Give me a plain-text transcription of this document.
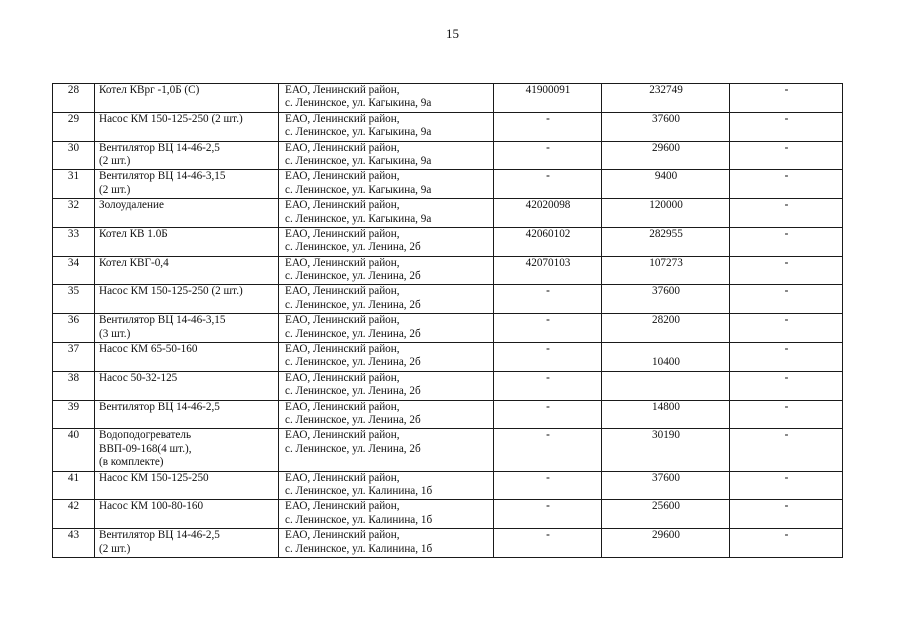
15
28	Котел КВрг -1,0Б (С)	ЕАО, Ленинский район,
с. Ленинское, ул. Кагыкина, 9а	41900091	232749	-

29	Насос КМ 150-125-250 (2 шт.)	ЕАО, Ленинский район,
с. Ленинское, ул. Кагыкина, 9а	-	37600	-

30	Вентилятор ВЦ 14-46-2,5
(2 шт.)	ЕАО, Ленинский район,
с. Ленинское, ул. Кагыкина, 9а	-	29600	-

31	Вентилятор ВЦ 14-46-3,15
(2 шт.)	ЕАО, Ленинский район,
с. Ленинское, ул. Кагыкина, 9а	-	9400	-

32	Золоудаление	ЕАО, Ленинский район,
с. Ленинское, ул. Кагыкина, 9а	42020098	120000	-

33	Котел КВ 1.0Б	ЕАО, Ленинский район,
с. Ленинское, ул. Ленина, 2б	42060102	282955	-

34	Котел КВГ-0,4	ЕАО, Ленинский район,
с. Ленинское, ул. Ленина, 2б	42070103	107273	-

35	Насос КМ 150-125-250 (2 шт.)	ЕАО, Ленинский район,
с. Ленинское, ул. Ленина, 2б	-	37600	-

36	Вентилятор ВЦ 14-46-3,15
(3 шт.)	ЕАО, Ленинский район,
с. Ленинское, ул. Ленина, 2б	-	28200	-

37	Насос КМ 65-50-160	ЕАО, Ленинский район,
с. Ленинское, ул. Ленина, 2б	-	10400	-

38	Насос 50-32-125	ЕАО, Ленинский район,
с. Ленинское, ул. Ленина, 2б	-		-

39	Вентилятор ВЦ 14-46-2,5	ЕАО, Ленинский район,
с. Ленинское, ул. Ленина, 2б	-	14800	-

40	Водоподогреватель
ВВП-09-168(4 шт.),
(в комплекте)	ЕАО, Ленинский район,
с. Ленинское, ул. Ленина, 2б	-	30190	-

41	Насос КМ 150-125-250	ЕАО, Ленинский район,
с. Ленинское, ул. Калинина, 1б	-	37600	-

42	Насос КМ 100-80-160	ЕАО, Ленинский район,
с. Ленинское, ул. Калинина, 1б	-	25600	-

43	Вентилятор ВЦ 14-46-2,5
(2 шт.)	ЕАО, Ленинский район,
с. Ленинское, ул. Калинина, 1б	-	29600	-
